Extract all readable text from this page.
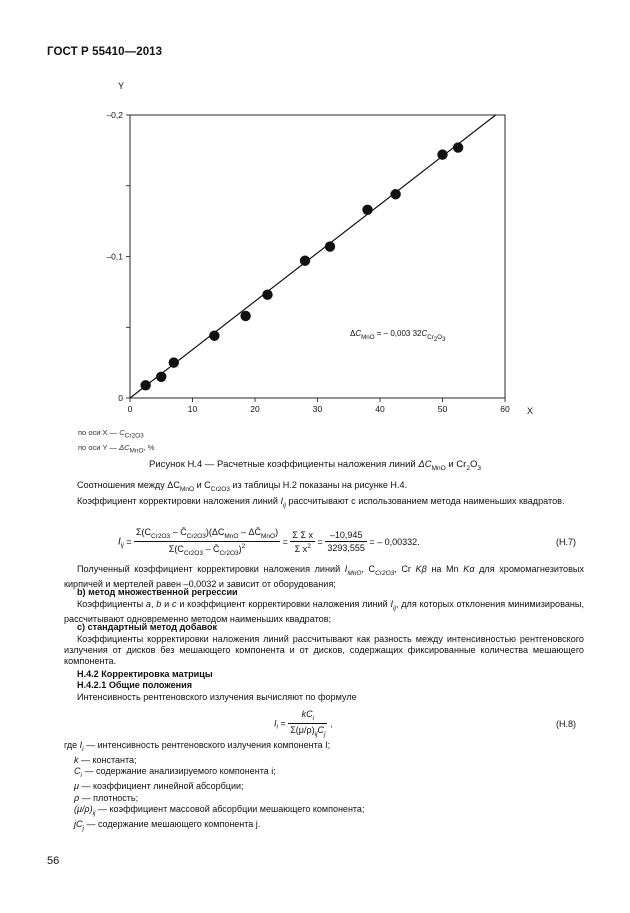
ГОСТ Р 55410—2013
0	10	20	30	40	50	60
0
–0,1
–0,2
Y
X
$\Delta C_{MnO}$ = – 0,003 $32C_{Cr2}^O_3$
по оси X — $C_{Cr2O3}$
по оси Y — $\Delta C_{MnO}$, %
Рисунок Н.4 — Расчетные коэффициенты наложения линий $\Delta C_{MnO}$ и $Cr_2O_3$
Соотношения между $\Delta C_{MnO}$ и $C_{Cr2O3}$ из таблицы Н.2 показаны на рисунке Н.4.
Коэффициент корректировки наложения линий $I_{ij}$ рассчитывают с использованием метода наименьших квадратов.
$I_{ij} = \frac{\Sigma(C_{Cr2O3} - C̄_{Cr2O3})(\Delta C_{MnO} - \Delta C̄_{MnO})}{\Sigma(C_{Cr2O3} - C̄_{Cr2O3})^2} = \frac{\text{Σ Σ x}}{\Sigma x^2} = \frac{-10,945}{3293,555}$ = – 0,00332.	(Н.7)
Полученный коэффициент корректировки наложения линий $I_{MnO}$, $C_{Cr2O3}$, Cr Kβ на Mn Kα для хромомагнезитовых кирпичей и мертелей равен –0,0032 и зависит от оборудования;
b) метод множественной регрессии
Коэффициенты a, b и c и коэффициент корректировки наложения линий $I_{ij}$, для которых отклонения минимизированы, рассчитывают одновременно методом наименьших квадратов;
c) стандартный метод добавок
Коэффициенты корректировки наложения линий рассчитывают как разность между интенсивностью рентгеновского излучения от дисков без мешающего компонента и от дисков, содержащих фиксированные количества мешающего компонента.
Н.4.2 Корректировка матрицы
Н.4.2.1 Общие положения
Интенсивность рентгеновского излучения вычисляют по формуле
$I_i = \frac{kC_i}{\Sigma(\mu/\rho)_{ij}C_j}$ ,	(Н.8)
где $I_i$ — интенсивность рентгеновского излучения компонента I;
k — константа;
$C_i$ — содержание анализируемого компонента i;
μ — коэффициент линейной абсорбции;
ρ — плотность;
$(\mu/\rho)_{ij}$ — коэффициент массовой абсорбции мешающего компонента;
$jC_j$ — содержание мешающего компонента j.
56
